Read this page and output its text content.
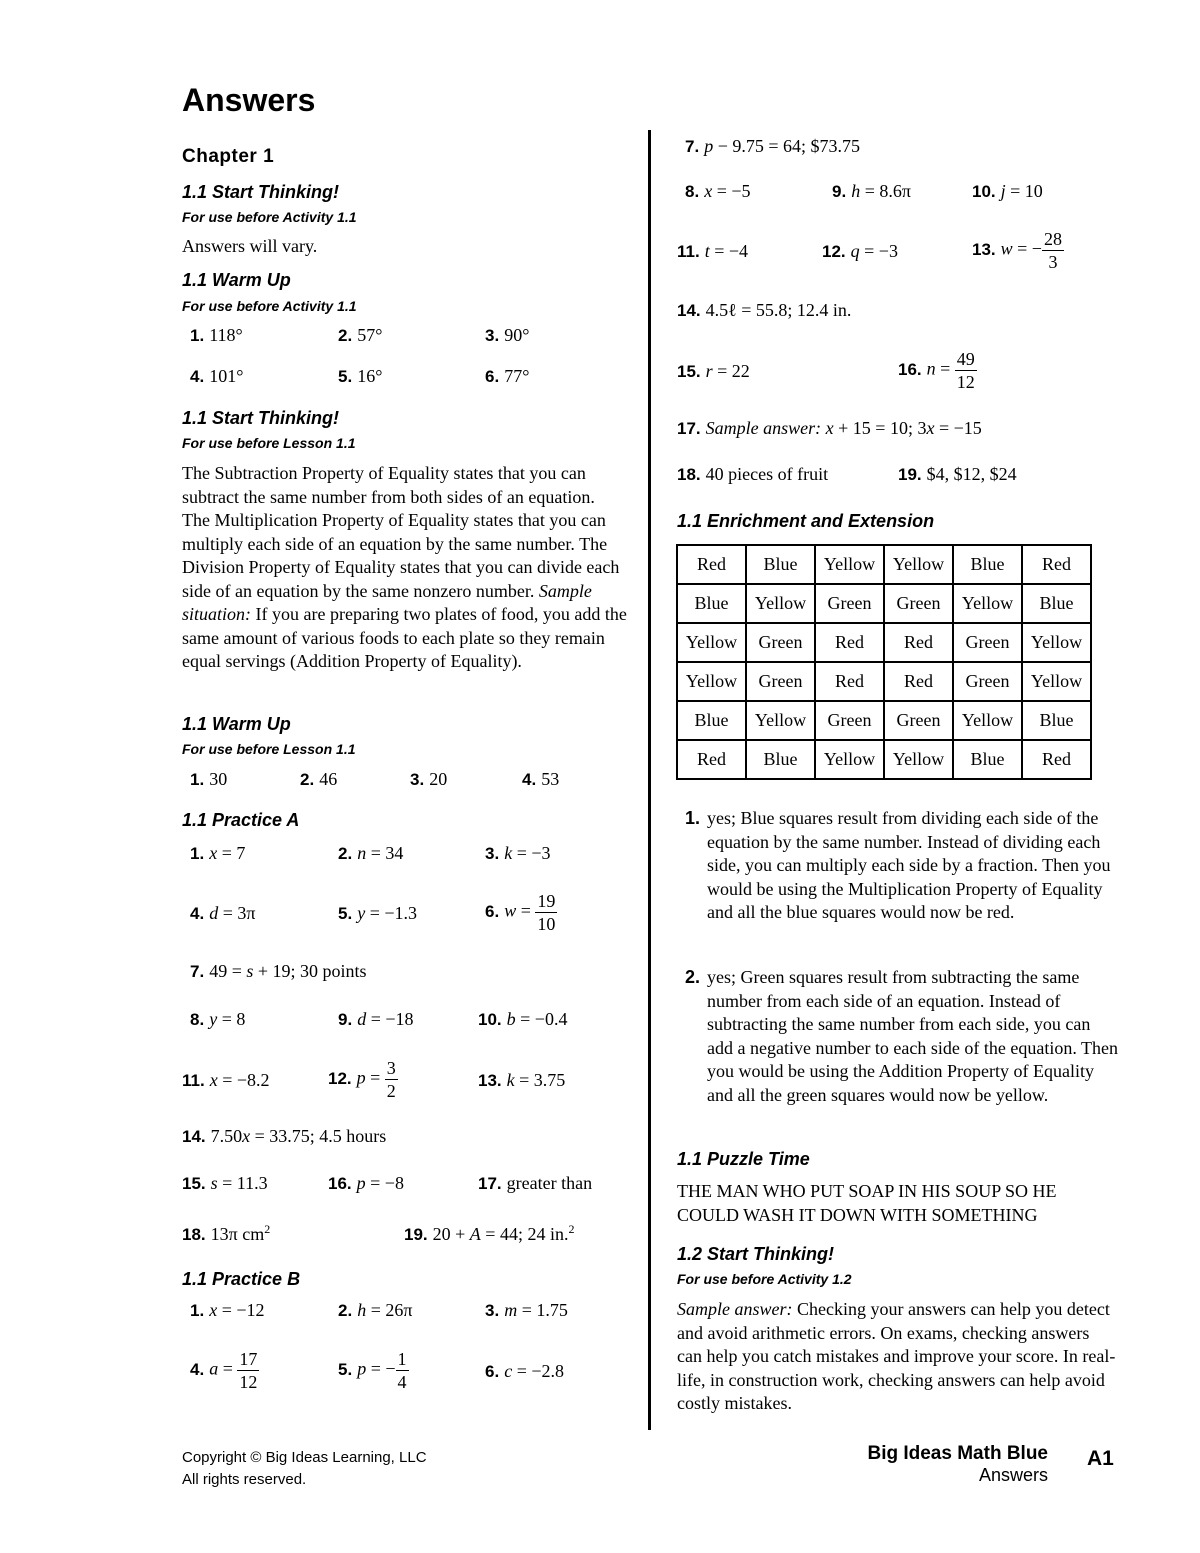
Answers
Chapter 1
1.1 Start Thinking!
For use before Activity 1.1
Answers will vary.
1.1 Warm Up
For use before Activity 1.1
1. 118°	2. 57°	3. 90°
4. 101°	5. 16°	6. 77°
1.1 Start Thinking!
For use before Lesson 1.1
The Subtraction Property of Equality states that you can subtract the same number from both sides of an equation. The Multiplication Property of Equality states that you can multiply each side of an equation by the same number. The Division Property of Equality states that you can divide each side of an equation by the same nonzero number. Sample situation: If you are preparing two plates of food, you add the same amount of various foods to each plate so they remain equal servings (Addition Property of Equality).
1.1 Warm Up
For use before Lesson 1.1
1. 30	2. 46	3. 20	4. 53
1.1 Practice A
1. x = 7	2. n = 34	3. k = −3
4. d = 3π	5. y = −1.3	6. $w = \frac{19}{10}$
7. 49 = s + 19; 30 points
8. y = 8	9. d = −18	10. b = −0.4
11. x = −8.2	12. $p = \frac{3}{2}$	13. k = 3.75
14. 7.50x = 33.75; 4.5 hours
15. s = 11.3	16. p = −8	17. greater than
18. 13π $cm^2$	19. 20 + A = 44; 24 in.$^2$
1.1 Practice B
1. x = −12	2. h = 26π	3. m = 1.75
4. $a = \frac{17}{12}$	5. p = − $\frac{1}{4}$	6. c = −2.8
7. p − 9.75 = 64; $73.75
8. x = −5	9. h = 8.6π	10. j = 10
11. t = −4	12. q = −3	13. w = − $\frac{28}{3}$
14. 4.5ℓ = 55.8; 12.4 in.
15. r = 22	16. $n = \frac{49}{12}$
17. Sample answer: x + 15 = 10; 3x = −15
18. 40 pieces of fruit	19. $4, $12, $24
1.1 Enrichment and Extension
Red	Blue	Yellow	Yellow	Blue	Red
Blue	Yellow	Green	Green	Yellow	Blue
Yellow	Green	Red	Red	Green	Yellow
Yellow	Green	Red	Red	Green	Yellow
Blue	Yellow	Green	Green	Yellow	Blue
Red	Blue	Yellow	Yellow	Blue	Red
1. yes; Blue squares result from dividing each side of the equation by the same number. Instead of dividing each side, you can multiply each side by a fraction. Then you would be using the Multiplication Property of Equality and all the blue squares would now be red.
2. yes; Green squares result from subtracting the same number from each side of an equation. Instead of subtracting the same number from each side, you can add a negative number to each side of the equation. Then you would be using the Addition Property of Equality and all the green squares would now be yellow.
1.1 Puzzle Time
THE MAN WHO PUT SOAP IN HIS SOUP SO HE COULD WASH IT DOWN WITH SOMETHING
1.2 Start Thinking!
For use before Activity 1.2
Sample answer: Checking your answers can help you detect and avoid arithmetic errors. On exams, checking answers can help you catch mistakes and improve your score. In real-life, in construction work, checking answers can help avoid costly mistakes.
Copyright © Big Ideas Learning, LLC
All rights reserved.
Big Ideas Math Blue
Answers
A1
